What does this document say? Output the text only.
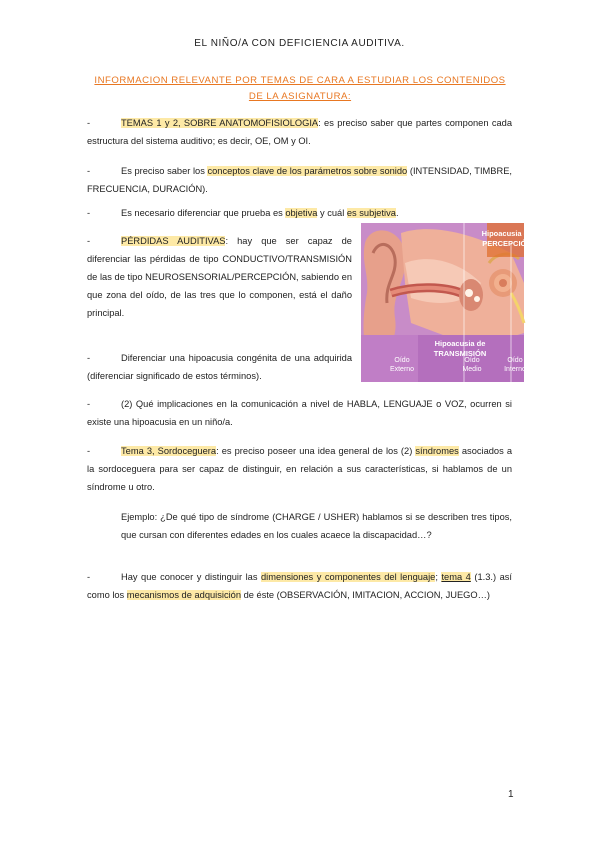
EL NIÑO/A CON DEFICIENCIA AUDITIVA.
INFORMACION RELEVANTE POR TEMAS DE CARA A ESTUDIAR LOS CONTENIDOS DE LA ASIGNATURA:
-	TEMAS 1 y 2, SOBRE ANATOMOFISIOLOGIA: es preciso saber que partes componen cada estructura del sistema auditivo; es decir, OE, OM y OI.
-	Es preciso saber los conceptos clave de los parámetros sobre sonido (INTENSIDAD, TIMBRE, FRECUENCIA, DURACIÓN).
-	Es necesario diferenciar que prueba es objetiva y cuál es subjetiva.
-	PÉRDIDAS AUDITIVAS: hay que ser capaz de diferenciar las pérdidas de tipo CONDUCTIVO/TRANSMISIÓN de las de tipo NEUROSENSORIAL/PERCEPCIÓN, sabiendo en que zona del oído, de las tres que lo componen, está el daño principal.
-	Diferenciar una hipoacusia congénita de una adquirida (diferenciar significado de estos términos).
Hipoacusia de
PERCEPCIÓN
Hipoacusia de
TRANSMISIÓN
Oído
Externo
Oído
Medio
Oído
Interno
-	(2) Qué implicaciones en la comunicación a nivel de HABLA, LENGUAJE o VOZ, ocurren si existe una hipoacusia en un niño/a.
-	Tema 3, Sordoceguera: es preciso poseer una idea general de los (2) síndromes asociados a la sordoceguera para ser capaz de distinguir, en relación a sus características, si hablamos de un síndrome u otro.
Ejemplo: ¿De qué tipo de síndrome (CHARGE / USHER) hablamos si se describen tres tipos, que cursan con diferentes edades en los cuales acaece la discapacidad…?
-	Hay que conocer y distinguir las dimensiones y componentes del lenguaje; tema 4 (1.3.) así como los mecanismos de adquisición de éste (OBSERVACIÓN, IMITACION, ACCION, JUEGO…)
1
